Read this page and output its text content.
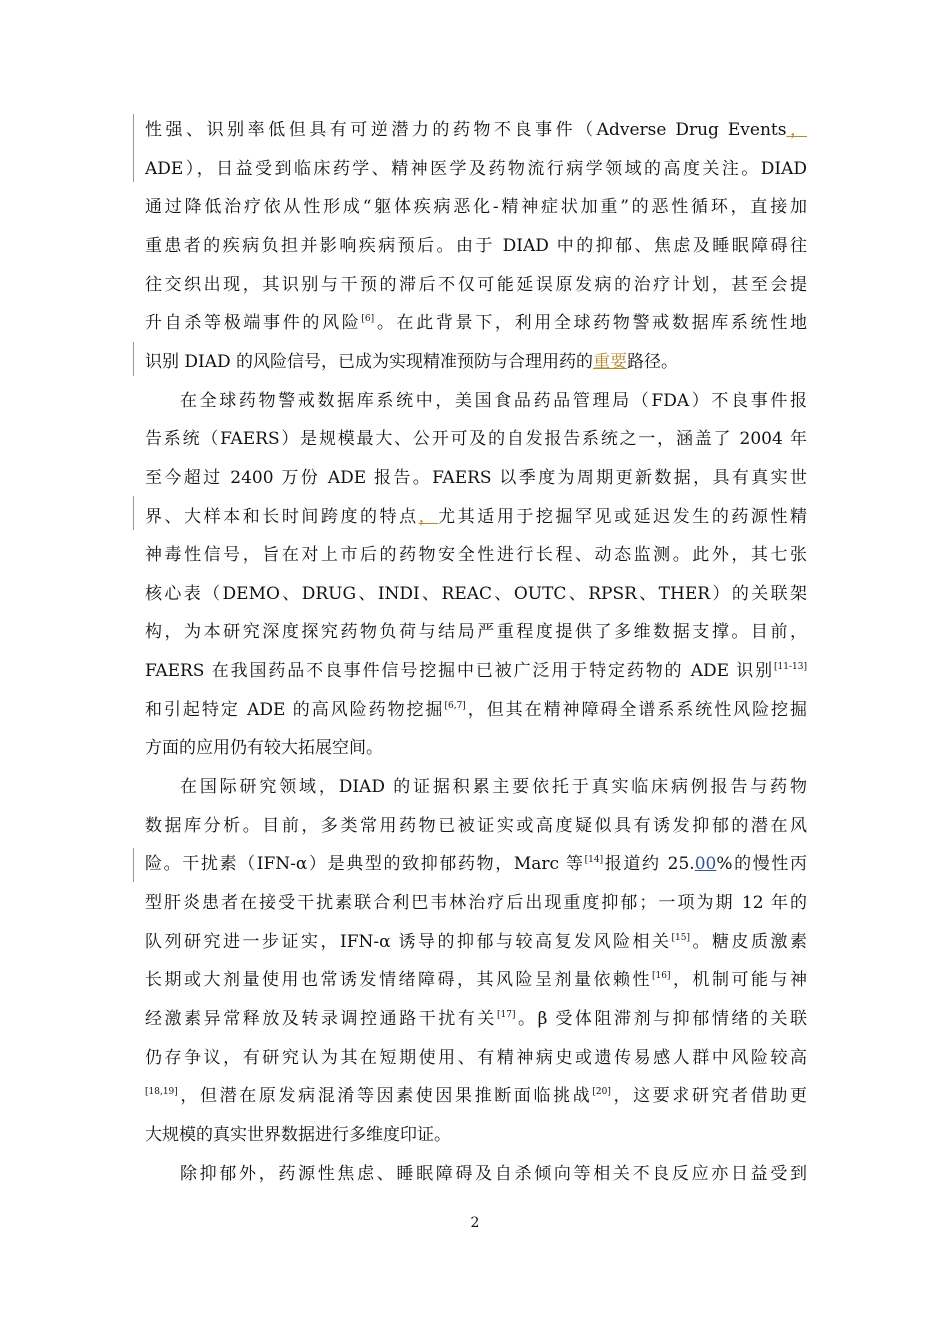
性强、识别率低但具有可逆潜力的药物不良事件（Adverse Drug Events，
ADE），日益受到临床药学、精神医学及药物流行病学领域的高度关注。DIAD
通过降低治疗依从性形成“躯体疾病恶化-精神症状加重”的恶性循环，直接加
重患者的疾病负担并影响疾病预后。由于 DIAD 中的抑郁、焦虑及睡眠障碍往
往交织出现，其识别与干预的滞后不仅可能延误原发病的治疗计划，甚至会提
升自杀等极端事件的风险[6]。在此背景下，利用全球药物警戒数据库系统性地
识别 DIAD 的风险信号，已成为实现精准预防与合理用药的重要路径。
在全球药物警戒数据库系统中，美国食品药品管理局（FDA）不良事件报
告系统（FAERS）是规模最大、公开可及的自发报告系统之一，涵盖了 2004 年
至今超过 2400 万份 ADE 报告。FAERS 以季度为周期更新数据，具有真实世
界、大样本和长时间跨度的特点，尤其适用于挖掘罕见或延迟发生的药源性精
神毒性信号，旨在对上市后的药物安全性进行长程、动态监测。此外，其七张
核心表（DEMO、DRUG、INDI、REAC、OUTC、RPSR、THER）的关联架
构，为本研究深度探究药物负荷与结局严重程度提供了多维数据支撑。目前，
FAERS 在我国药品不良事件信号挖掘中已被广泛用于特定药物的 ADE 识别[11-13]
和引起特定 ADE 的高风险药物挖掘[6,7]，但其在精神障碍全谱系系统性风险挖掘
方面的应用仍有较大拓展空间。
在国际研究领域，DIAD 的证据积累主要依托于真实临床病例报告与药物
数据库分析。目前，多类常用药物已被证实或高度疑似具有诱发抑郁的潜在风
险。干扰素（IFN-α）是典型的致抑郁药物，Marc 等[14]报道约 25.00%的慢性丙
型肝炎患者在接受干扰素联合利巴韦林治疗后出现重度抑郁；一项为期 12 年的
队列研究进一步证实，IFN-α 诱导的抑郁与较高复发风险相关[15]。糖皮质激素
长期或大剂量使用也常诱发情绪障碍，其风险呈剂量依赖性[16]，机制可能与神
经激素异常释放及转录调控通路干扰有关[17]。β 受体阻滞剂与抑郁情绪的关联
仍存争议，有研究认为其在短期使用、有精神病史或遗传易感人群中风险较高
[18,19]，但潜在原发病混淆等因素使因果推断面临挑战[20]，这要求研究者借助更
大规模的真实世界数据进行多维度印证。
除抑郁外，药源性焦虑、睡眠障碍及自杀倾向等相关不良反应亦日益受到
2
